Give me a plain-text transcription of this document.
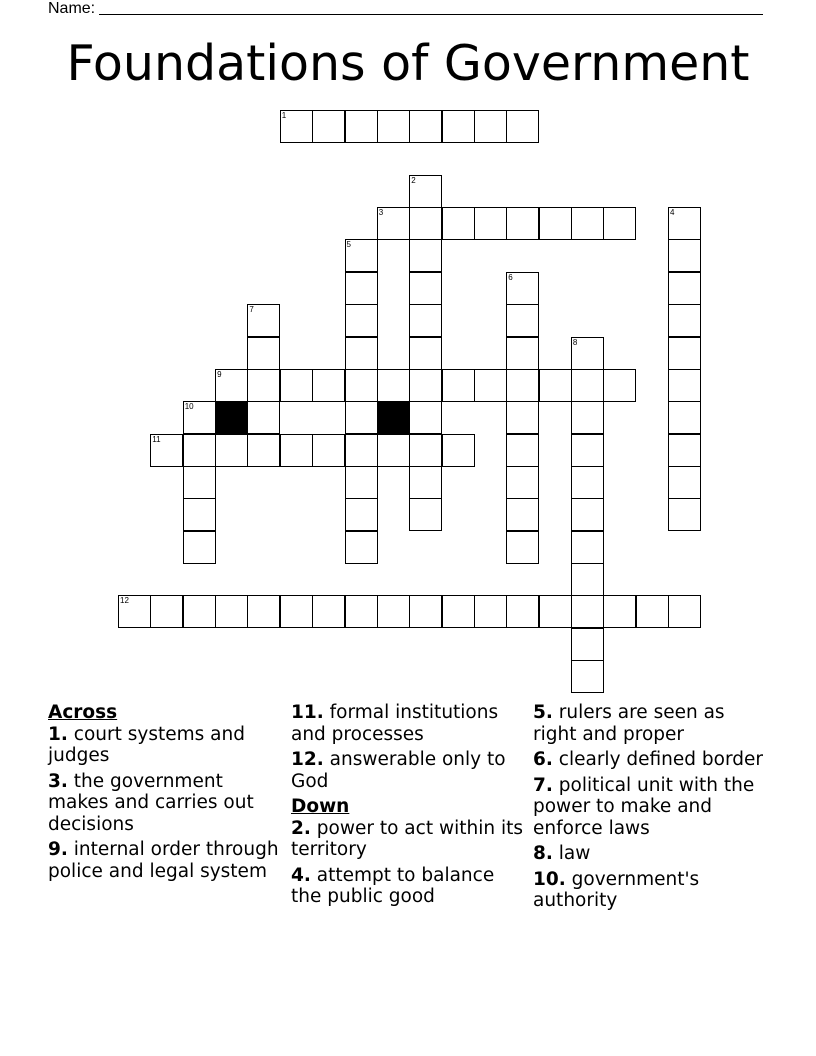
Name:
Foundations of Government
1
2
3	4
5
6
7
8
9
10
11
12
Across
1. court systems and judges
3. the government makes and carries out decisions
9. internal order through police and legal system
11. formal institutions and processes
12. answerable only to God
Down
2. power to act within its territory
4. attempt to balance the public good
5. rulers are seen as right and proper
6. clearly defined border
7. political unit with the power to make and enforce laws
8. law
10. government's authority
